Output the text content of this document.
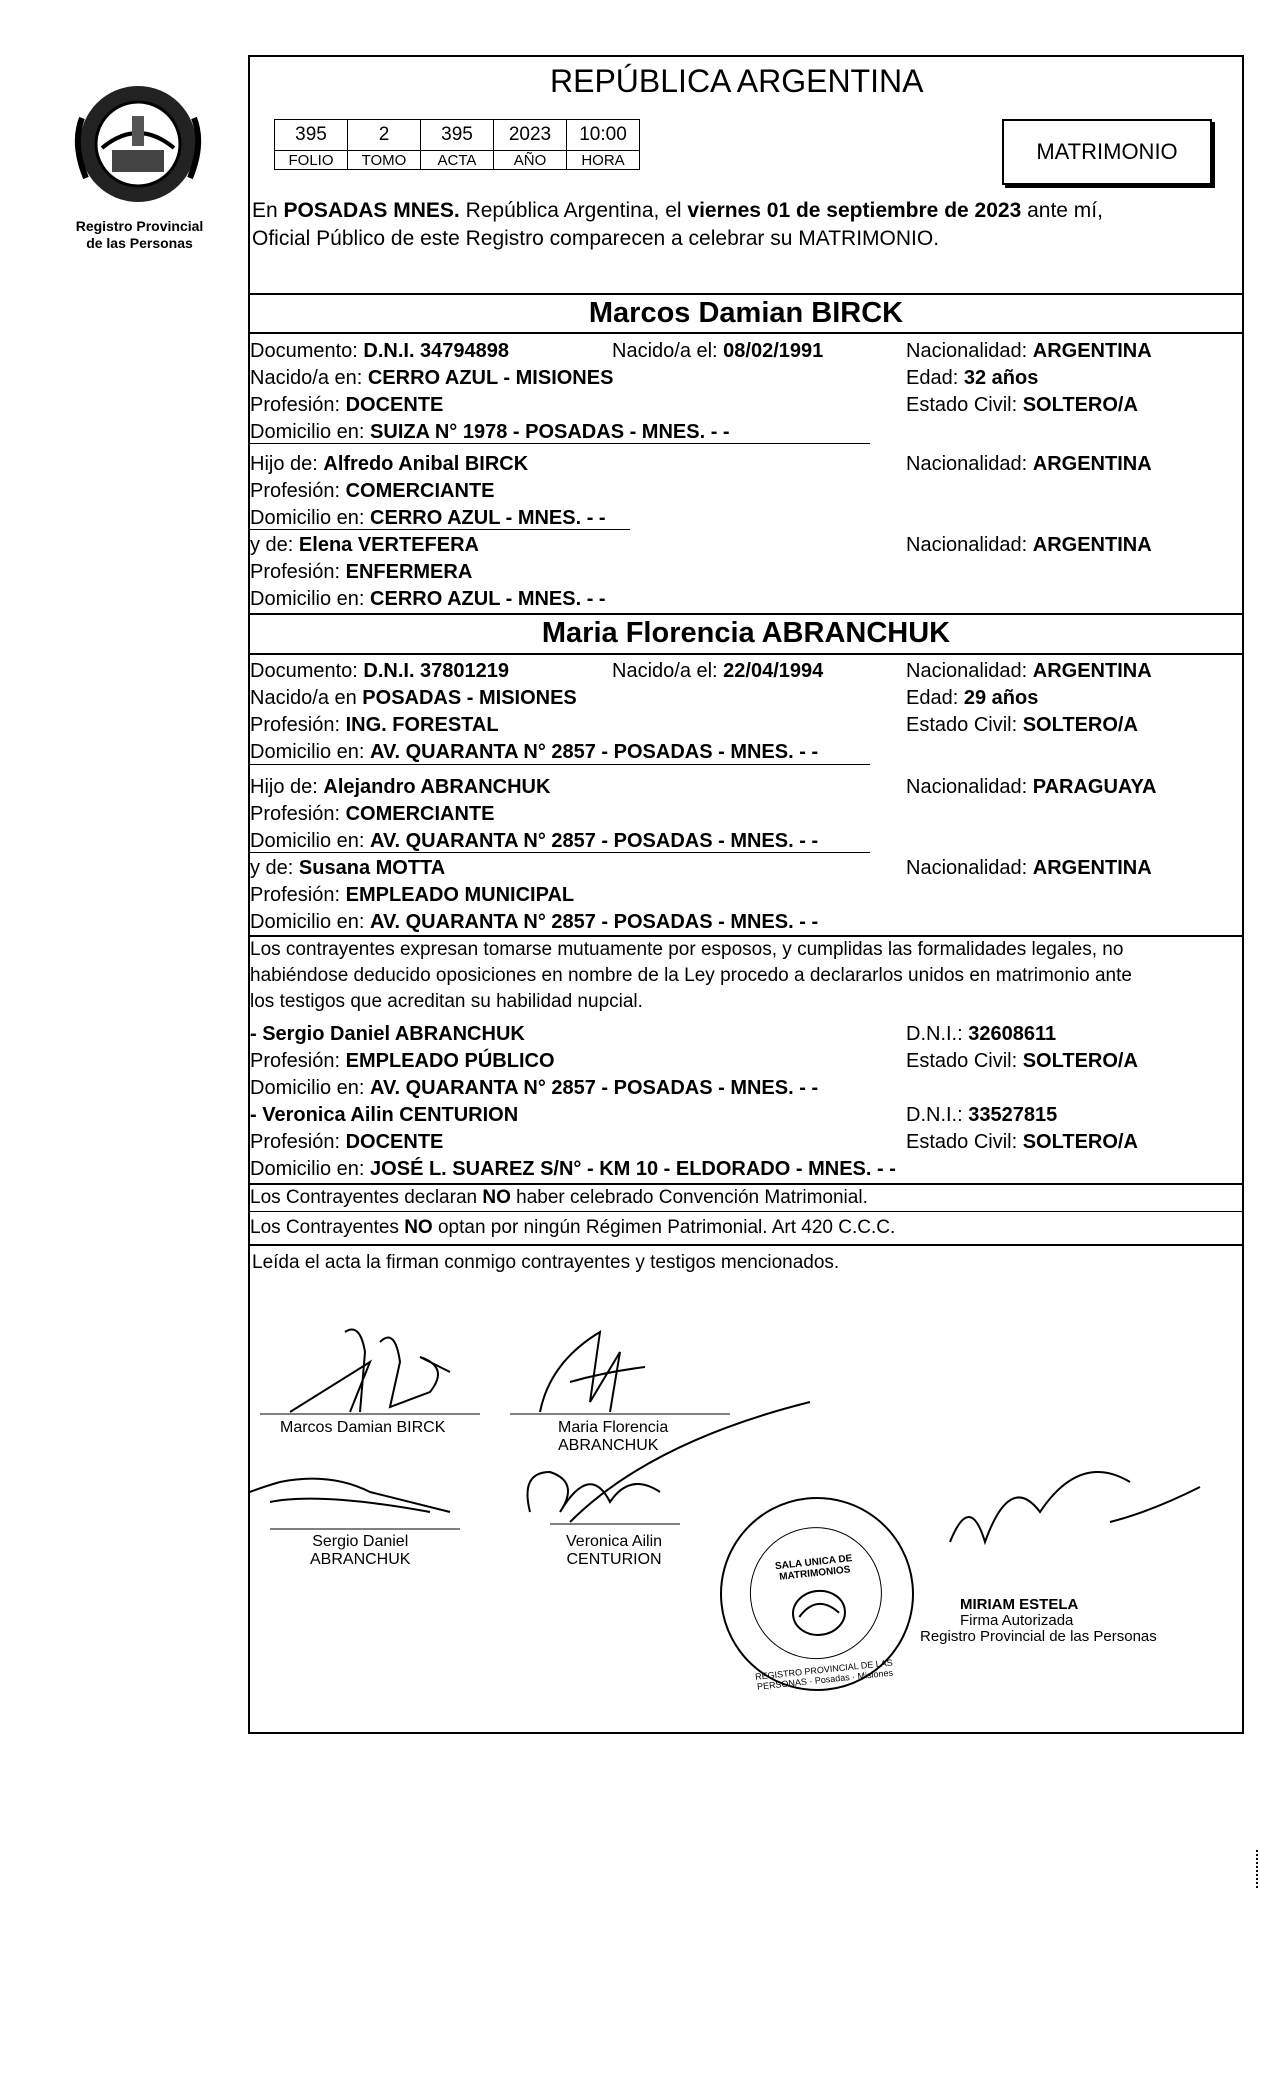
Registro Provincial
de las Personas
REPÚBLICA ARGENTINA
395	2	395	2023	10:00
FOLIO	TOMO	ACTA	AÑO	HORA	MATRIMONIO
En POSADAS MNES. República Argentina, el viernes 01 de septiembre de 2023 ante mí,
Oficial Público de este Registro comparecen a celebrar su MATRIMONIO.
Marcos Damian BIRCK
Documento: D.N.I. 34794898	Nacido/a el: 08/02/1991	Nacionalidad: ARGENTINA
Nacido/a en: CERRO AZUL - MISIONES	Edad: 32 años
Profesión: DOCENTE	Estado Civil: SOLTERO/A
Domicilio en: SUIZA N° 1978 - POSADAS - MNES. - -
Hijo de: Alfredo Anibal BIRCK	Nacionalidad: ARGENTINA
Profesión: COMERCIANTE
Domicilio en: CERRO AZUL - MNES. - -
y de: Elena VERTEFERA	Nacionalidad: ARGENTINA
Profesión: ENFERMERA
Domicilio en: CERRO AZUL - MNES. - -
Maria Florencia ABRANCHUK
Documento: D.N.I. 37801219	Nacido/a el: 22/04/1994	Nacionalidad: ARGENTINA
Nacido/a en POSADAS - MISIONES	Edad: 29 años
Profesión: ING. FORESTAL	Estado Civil: SOLTERO/A
Domicilio en: AV. QUARANTA N° 2857 - POSADAS - MNES. - -
Hijo de: Alejandro ABRANCHUK	Nacionalidad: PARAGUAYA
Profesión: COMERCIANTE
Domicilio en: AV. QUARANTA N° 2857 - POSADAS - MNES. - -
y de: Susana MOTTA	Nacionalidad: ARGENTINA
Profesión: EMPLEADO MUNICIPAL
Domicilio en: AV. QUARANTA N° 2857 - POSADAS - MNES. - -
Los contrayentes expresan tomarse mutuamente por esposos, y cumplidas las formalidades legales, no
habiéndose deducido oposiciones en nombre de la Ley procedo a declararlos unidos en matrimonio ante
los testigos que acreditan su habilidad nupcial.
- Sergio Daniel ABRANCHUK	D.N.I.: 32608611
Profesión: EMPLEADO PÚBLICO	Estado Civil: SOLTERO/A
Domicilio en: AV. QUARANTA N° 2857 - POSADAS - MNES. - -
- Veronica Ailin CENTURION	D.N.I.: 33527815
Profesión: DOCENTE	Estado Civil: SOLTERO/A
Domicilio en: JOSÉ L. SUAREZ S/N° - KM 10 - ELDORADO - MNES. - -
Los Contrayentes declaran NO haber celebrado Convención Matrimonial.
Los Contrayentes NO optan por ningún Régimen Patrimonial. Art 420 C.C.C.
Leída el acta la firman conmigo contrayentes y testigos mencionados.
Marcos Damian BIRCK	Maria Florencia
ABRANCHUK
Sergio Daniel
ABRANCHUK
Veronica Ailin
CENTURION
REGISTRO PROVINCIAL DE LAS PERSONAS · Posadas · Misiones
SALA UNICA DE MATRIMONIOS
MIRIAM ESTELA
Firma Autorizada
Registro Provincial de las Personas
